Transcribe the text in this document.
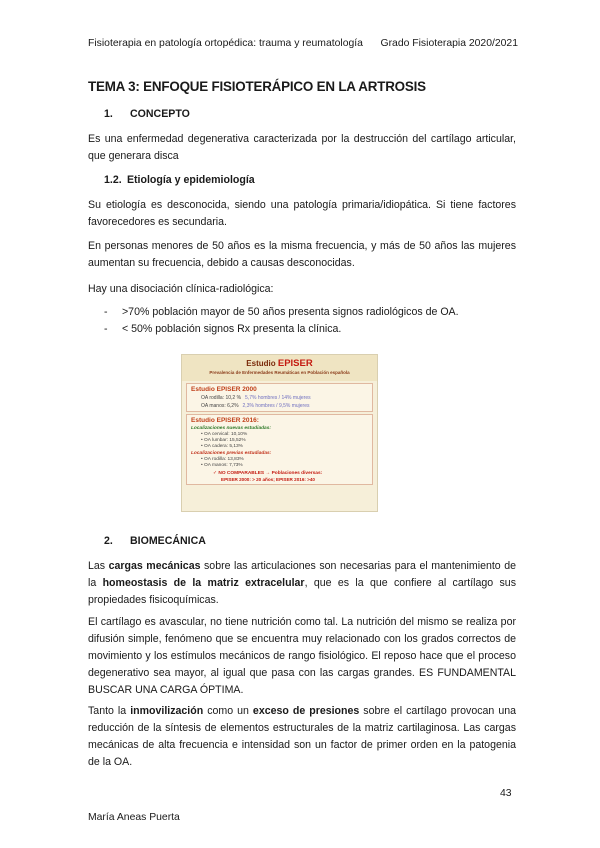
Fisioterapia en patología ortopédica: trauma y reumatología Grado Fisioterapia 2020/2021
TEMA 3: ENFOQUE FISIOTERÁPICO EN LA ARTROSIS
1. CONCEPTO
Es una enfermedad degenerativa caracterizada por la destrucción del cartílago articular, que generara disca
1.2. Etiología y epidemiología
Su etiología es desconocida, siendo una patología primaria/idiopática. Si tiene factores favorecedores es secundaria.
En personas menores de 50 años es la misma frecuencia, y más de 50 años las mujeres aumentan su frecuencia, debido a causas desconocidas.
Hay una disociación clínica-radiológica:
-	>70% población mayor de 50 años presenta signos radiológicos de OA.
-	< 50% población signos Rx presenta la clínica.
Estudio EPISER
Prevalencia de Enfermedades Reumáticas en Población española
Estudio EPISER 2000
OA rodilla: 10,2 % 5,7% hombres / 14% mujeres
OA manos: 6,2% 2,3% hombres / 9,5% mujeres
Estudio EPISER 2016:
Localizaciones nuevas estudiadas:
• OA cervical: 10,10%
• OA lumbar: 15,52%
• OA cadera: 5,13%
Localizaciones previas estudiadas:
• OA rodilla: 13,83%
• OA manos: 7,73%
✓ NO COMPARABLES → Poblaciones diversas:
EPISER 2000: > 20 años; EPISER 2016: >40
2. BIOMECÁNICA
Las cargas mecánicas sobre las articulaciones son necesarias para el mantenimiento de la homeostasis de la matriz extracelular, que es la que confiere al cartílago sus propiedades fisicoquímicas.
El cartílago es avascular, no tiene nutrición como tal. La nutrición del mismo se realiza por difusión simple, fenómeno que se encuentra muy relacionado con los grados correctos de movimiento y los estímulos mecánicos de rango fisiológico. El reposo hace que el proceso degenerativo sea mayor, al igual que pasa con las cargas grandes. ES FUNDAMENTAL BUSCAR UNA CARGA ÓPTIMA.
Tanto la inmovilización como un exceso de presiones sobre el cartílago provocan una reducción de la síntesis de elementos estructurales de la matriz cartilaginosa. Las cargas mecánicas de alta frecuencia e intensidad son un factor de primer orden en la patogenia de la OA.
43
María Aneas Puerta
